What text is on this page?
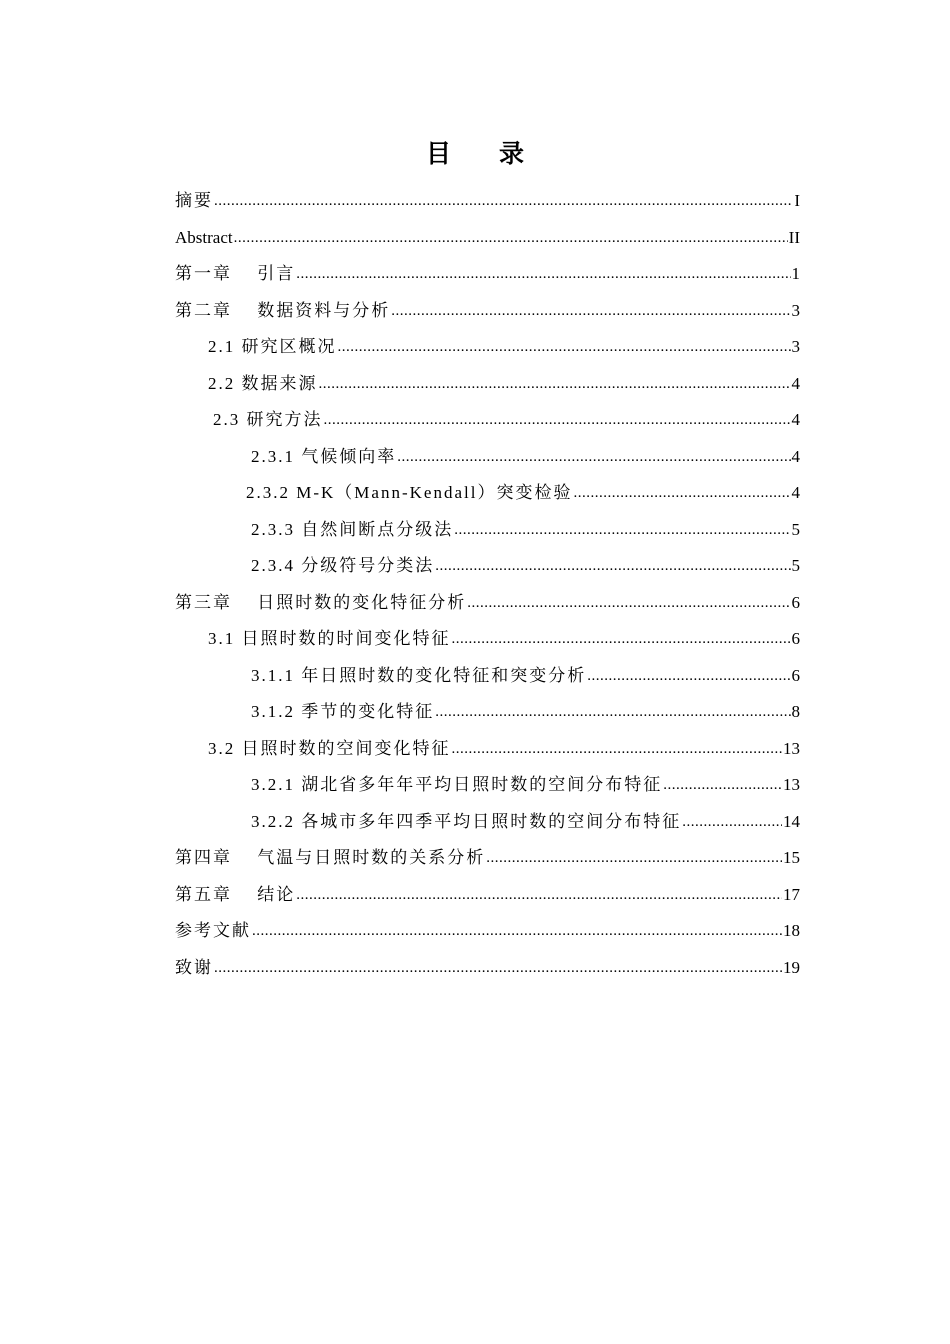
目 录
摘要 .....	I
Abstract .....	II
第一章　 引言 .....	1
第二章　 数据资料与分析 .....	3
2.1 研究区概况 .....	3
2.2 数据来源 .....	4
2.3 研究方法 .....	4
2.3.1 气候倾向率 .....	4
2.3.2 M-K（Mann-Kendall）突变检验 .....	4
2.3.3 自然间断点分级法 .....	5
2.3.4 分级符号分类法 .....	5
第三章　 日照时数的变化特征分析 .....	6
3.1 日照时数的时间变化特征 .....	6
3.1.1 年日照时数的变化特征和突变分析 .....	6
3.1.2 季节的变化特征 .....	8
3.2 日照时数的空间变化特征 .....	13
3.2.1 湖北省多年年平均日照时数的空间分布特征 .....	13
3.2.2 各城市多年四季平均日照时数的空间分布特征 .....	14
第四章　 气温与日照时数的关系分析 .....	15
第五章　 结论 .....	17
参考文献 .....	18
致谢 .....	19
